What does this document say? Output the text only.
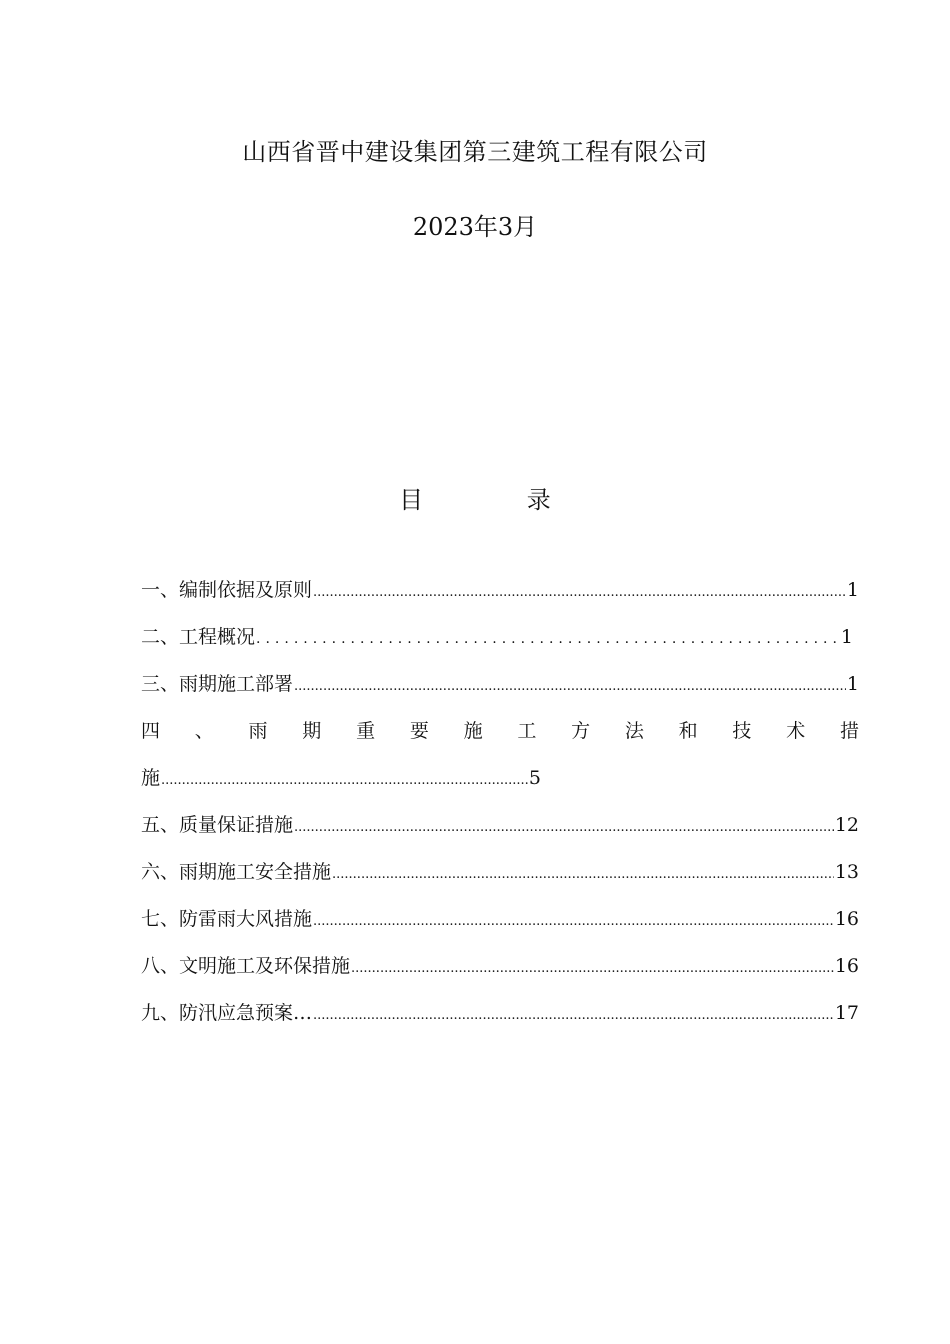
山西省晋中建设集团第三建筑工程有限公司
2023年3月
目 录
一、编制依据及原则 .....	1
二、工程概况 .....	1
三、雨期施工部署 .....	1
四 、 雨 期 重 要 施 工 方 法 和 技 术 措
施 .....	5
五、质量保证措施 .....	12
六、雨期施工安全措施 .....	13
七、防雷雨大风措施 .....	16
八、文明施工及环保措施 .....	16
九、防汛应急预案… .....	17
